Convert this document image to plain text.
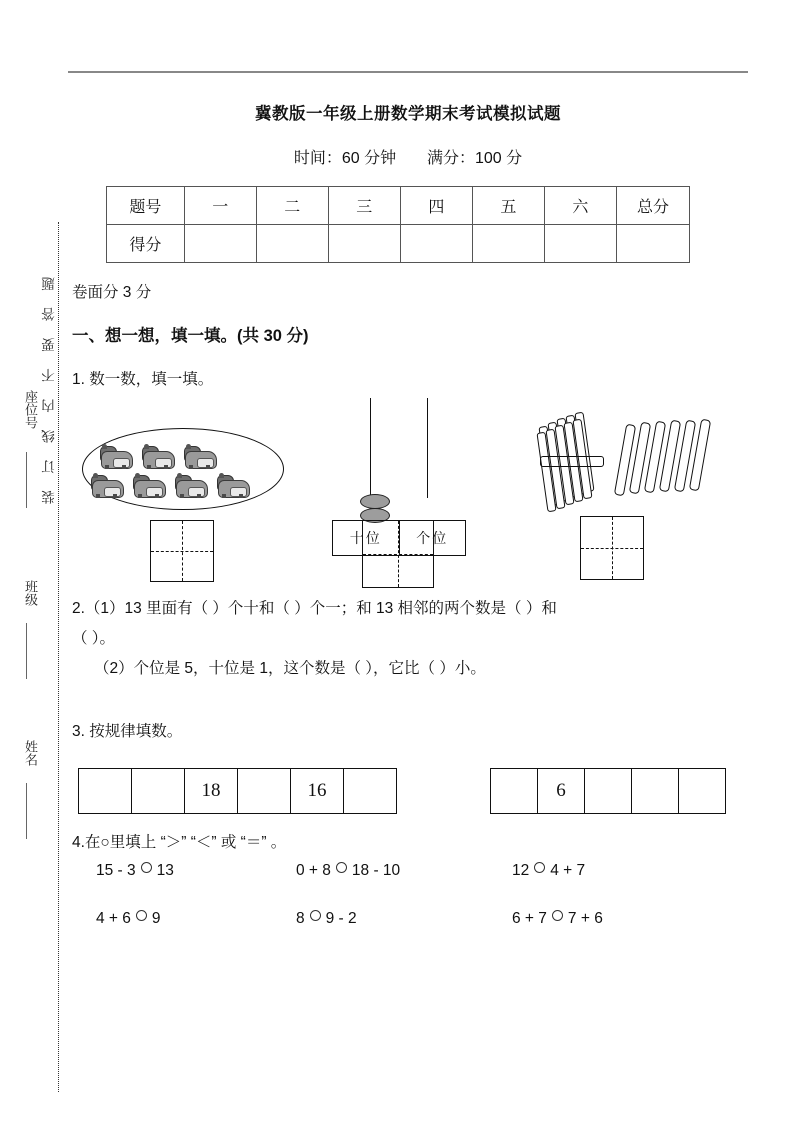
装订线内不要答题
座位号
班级
姓名
冀教版一年级上册数学期末考试模拟试题
时间：60 分钟 满分：100 分
题号	一	二	三	四	五	六	总分
得分							
卷面分 3 分
一、想一想，填一填。(共 30 分)
1. 数一数，填一填。
十位	个位
2.（1）13 里面有（ ）个十和（ ）个一；和 13 相邻的两个数是（ ）和
（ ）。
（2）个位是 5，十位是 1，这个数是（ ），它比（ ）小。
3. 按规律填数。
18	16	6
4.在○里填上 “＞” “＜” 或 “＝” 。
15 - 3 13	0 + 8 18 - 10	12 4 + 7
4 + 6 9	8 9 - 2	6 + 7 7 + 6
